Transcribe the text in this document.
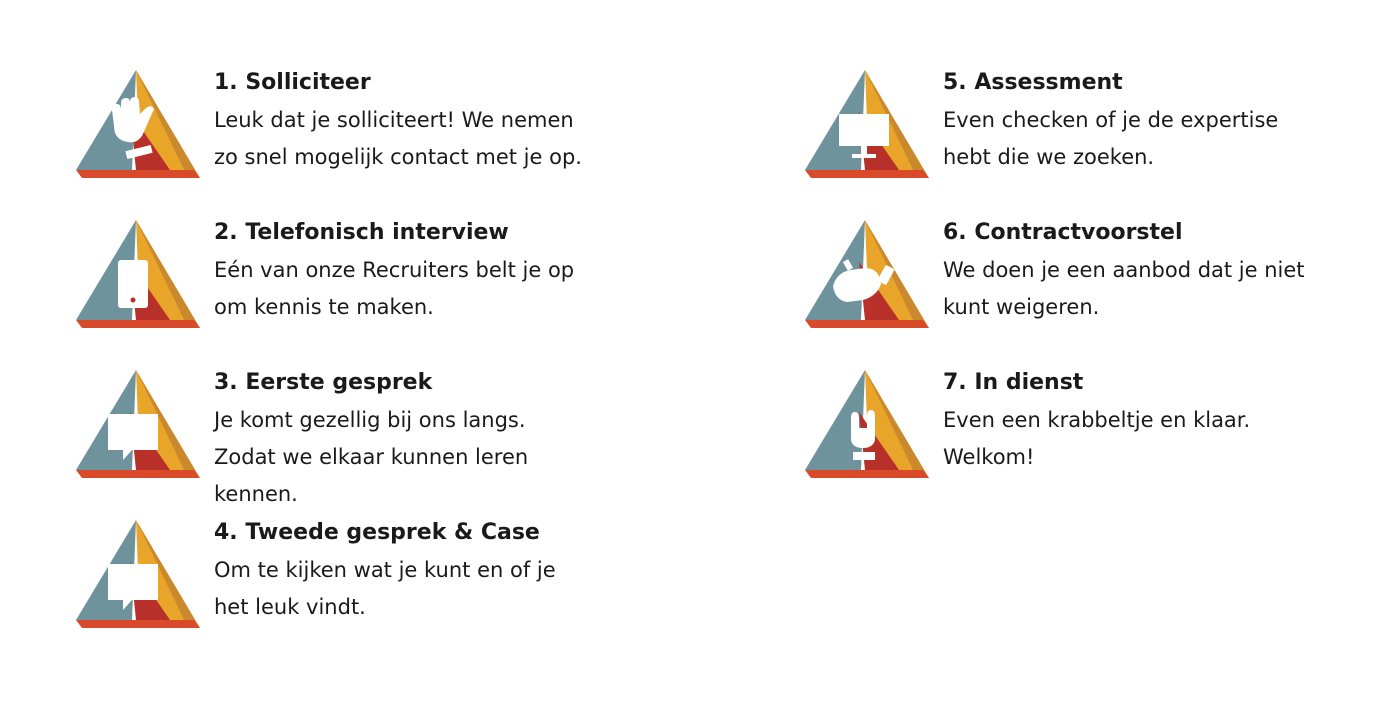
1. Solliciteer
Leuk dat je solliciteert! We nemen
zo snel mogelijk contact met je op.
2. Telefonisch interview
Eén van onze Recruiters belt je op
om kennis te maken.
3. Eerste gesprek
Je komt gezellig bij ons langs.
Zodat we elkaar kunnen leren
kennen.
4. Tweede gesprek & Case
Om te kijken wat je kunt en of je
het leuk vindt.
5. Assessment
Even checken of je de expertise
hebt die we zoeken.
6. Contractvoorstel
We doen je een aanbod dat je niet
kunt weigeren.
7. In dienst
Even een krabbeltje en klaar.
Welkom!
